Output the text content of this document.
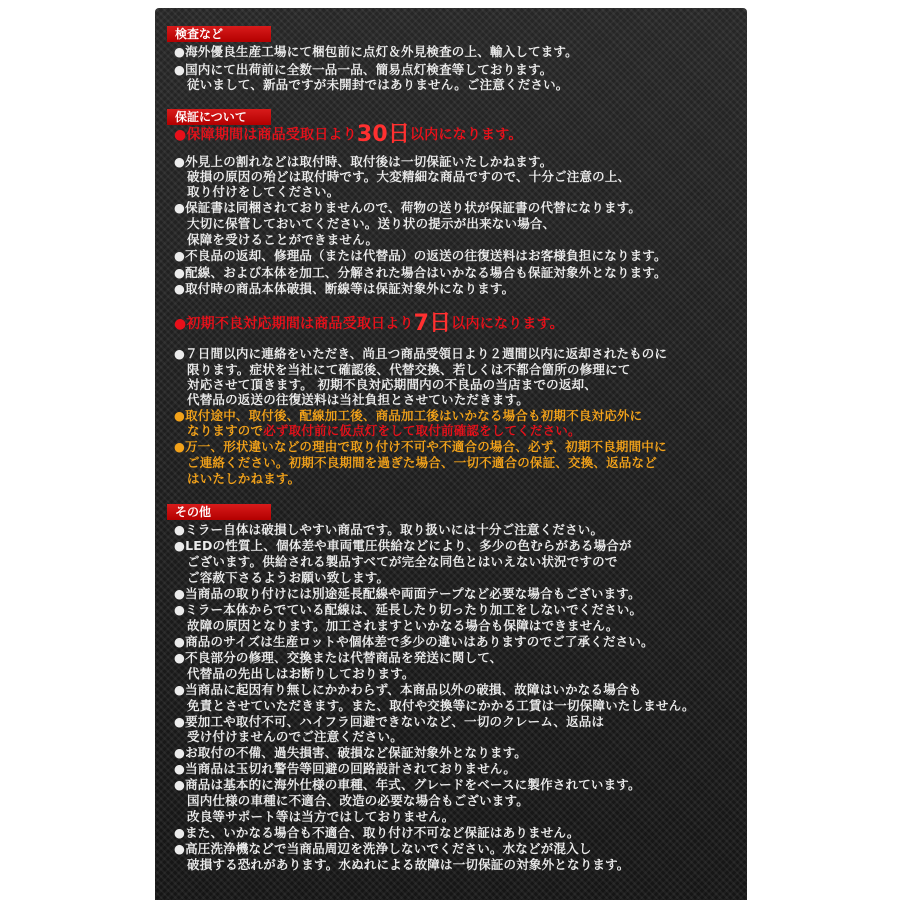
検査など
●海外優良生産工場にて梱包前に点灯＆外見検査の上、輸入してます。
●国内にて出荷前に全数一品一品、簡易点灯検査等しております。
従いまして、新品ですが未開封ではありません。ご注意ください。
保証について
●保障期間は商品受取日より30日以内になります。
●外見上の割れなどは取付時、取付後は一切保証いたしかねます。
破損の原因の殆どは取付時です。大変精細な商品ですので、十分ご注意の上、
取り付けをしてください。
●保証書は同梱されておりませんので、荷物の送り状が保証書の代替になります。
大切に保管しておいてください。送り状の提示が出来ない場合、
保障を受けることができません。
●不良品の返却、修理品（または代替品）の返送の往復送料はお客様負担になります。
●配線、および本体を加工、分解された場合はいかなる場合も保証対象外となります。
●取付時の商品本体破損、断線等は保証対象外になります。
●初期不良対応期間は商品受取日より7日以内になります。
●７日間以内に連絡をいただき、尚且つ商品受領日より２週間以内に返却されたものに
限ります。症状を当社にて確認後、代替交換、若しくは不都合箇所の修理にて
対応させて頂きます。 初期不良対応期間内の不良品の当店までの返却、
代替品の返送の往復送料は当社負担とさせていただきます。
●取付途中、取付後、配線加工後、商品加工後はいかなる場合も初期不良対応外に
なりますので必ず取付前に仮点灯をして取付前確認をしてください。
●万一、形状違いなどの理由で取り付け不可や不適合の場合、必ず、初期不良期間中に
ご連絡ください。初期不良期間を過ぎた場合、一切不適合の保証、交換、返品など
はいたしかねます。
その他
●ミラー自体は破損しやすい商品です。取り扱いには十分ご注意ください。
●LEDの性質上、個体差や車両電圧供給などにより、多少の色むらがある場合が
ございます。供給される製品すべてが完全な同色とはいえない状況ですので
ご容赦下さるようお願い致します。
●当商品の取り付けには別途延長配線や両面テープなど必要な場合もございます。
●ミラー本体からでている配線は、延長したり切ったり加工をしないでください。
故障の原因となります。加工されますといかなる場合も保障はできません。
●商品のサイズは生産ロットや個体差で多少の違いはありますのでご了承ください。
●不良部分の修理、交換または代替商品を発送に関して、
代替品の先出しはお断りしております。
●当商品に起因有り無しにかかわらず、本商品以外の破損、故障はいかなる場合も
免責とさせていただきます。また、取付や交換等にかかる工賃は一切保障いたしません。
●要加工や取付不可、ハイフラ回避できないなど、一切のクレーム、返品は
受け付けませんのでご注意ください。
●お取付の不備、過失損害、破損など保証対象外となります。
●当商品は玉切れ警告等回避の回路設計されておりません。
●商品は基本的に海外仕様の車種、年式、グレードをベースに製作されています。
国内仕様の車種に不適合、改造の必要な場合もございます。
改良等サポート等は当方ではしておりません。
●また、いかなる場合も不適合、取り付け不可など保証はありません。
●高圧洗浄機などで当商品周辺を洗浄しないでください。水などが混入し
破損する恐れがあります。水ぬれによる故障は一切保証の対象外となります。
